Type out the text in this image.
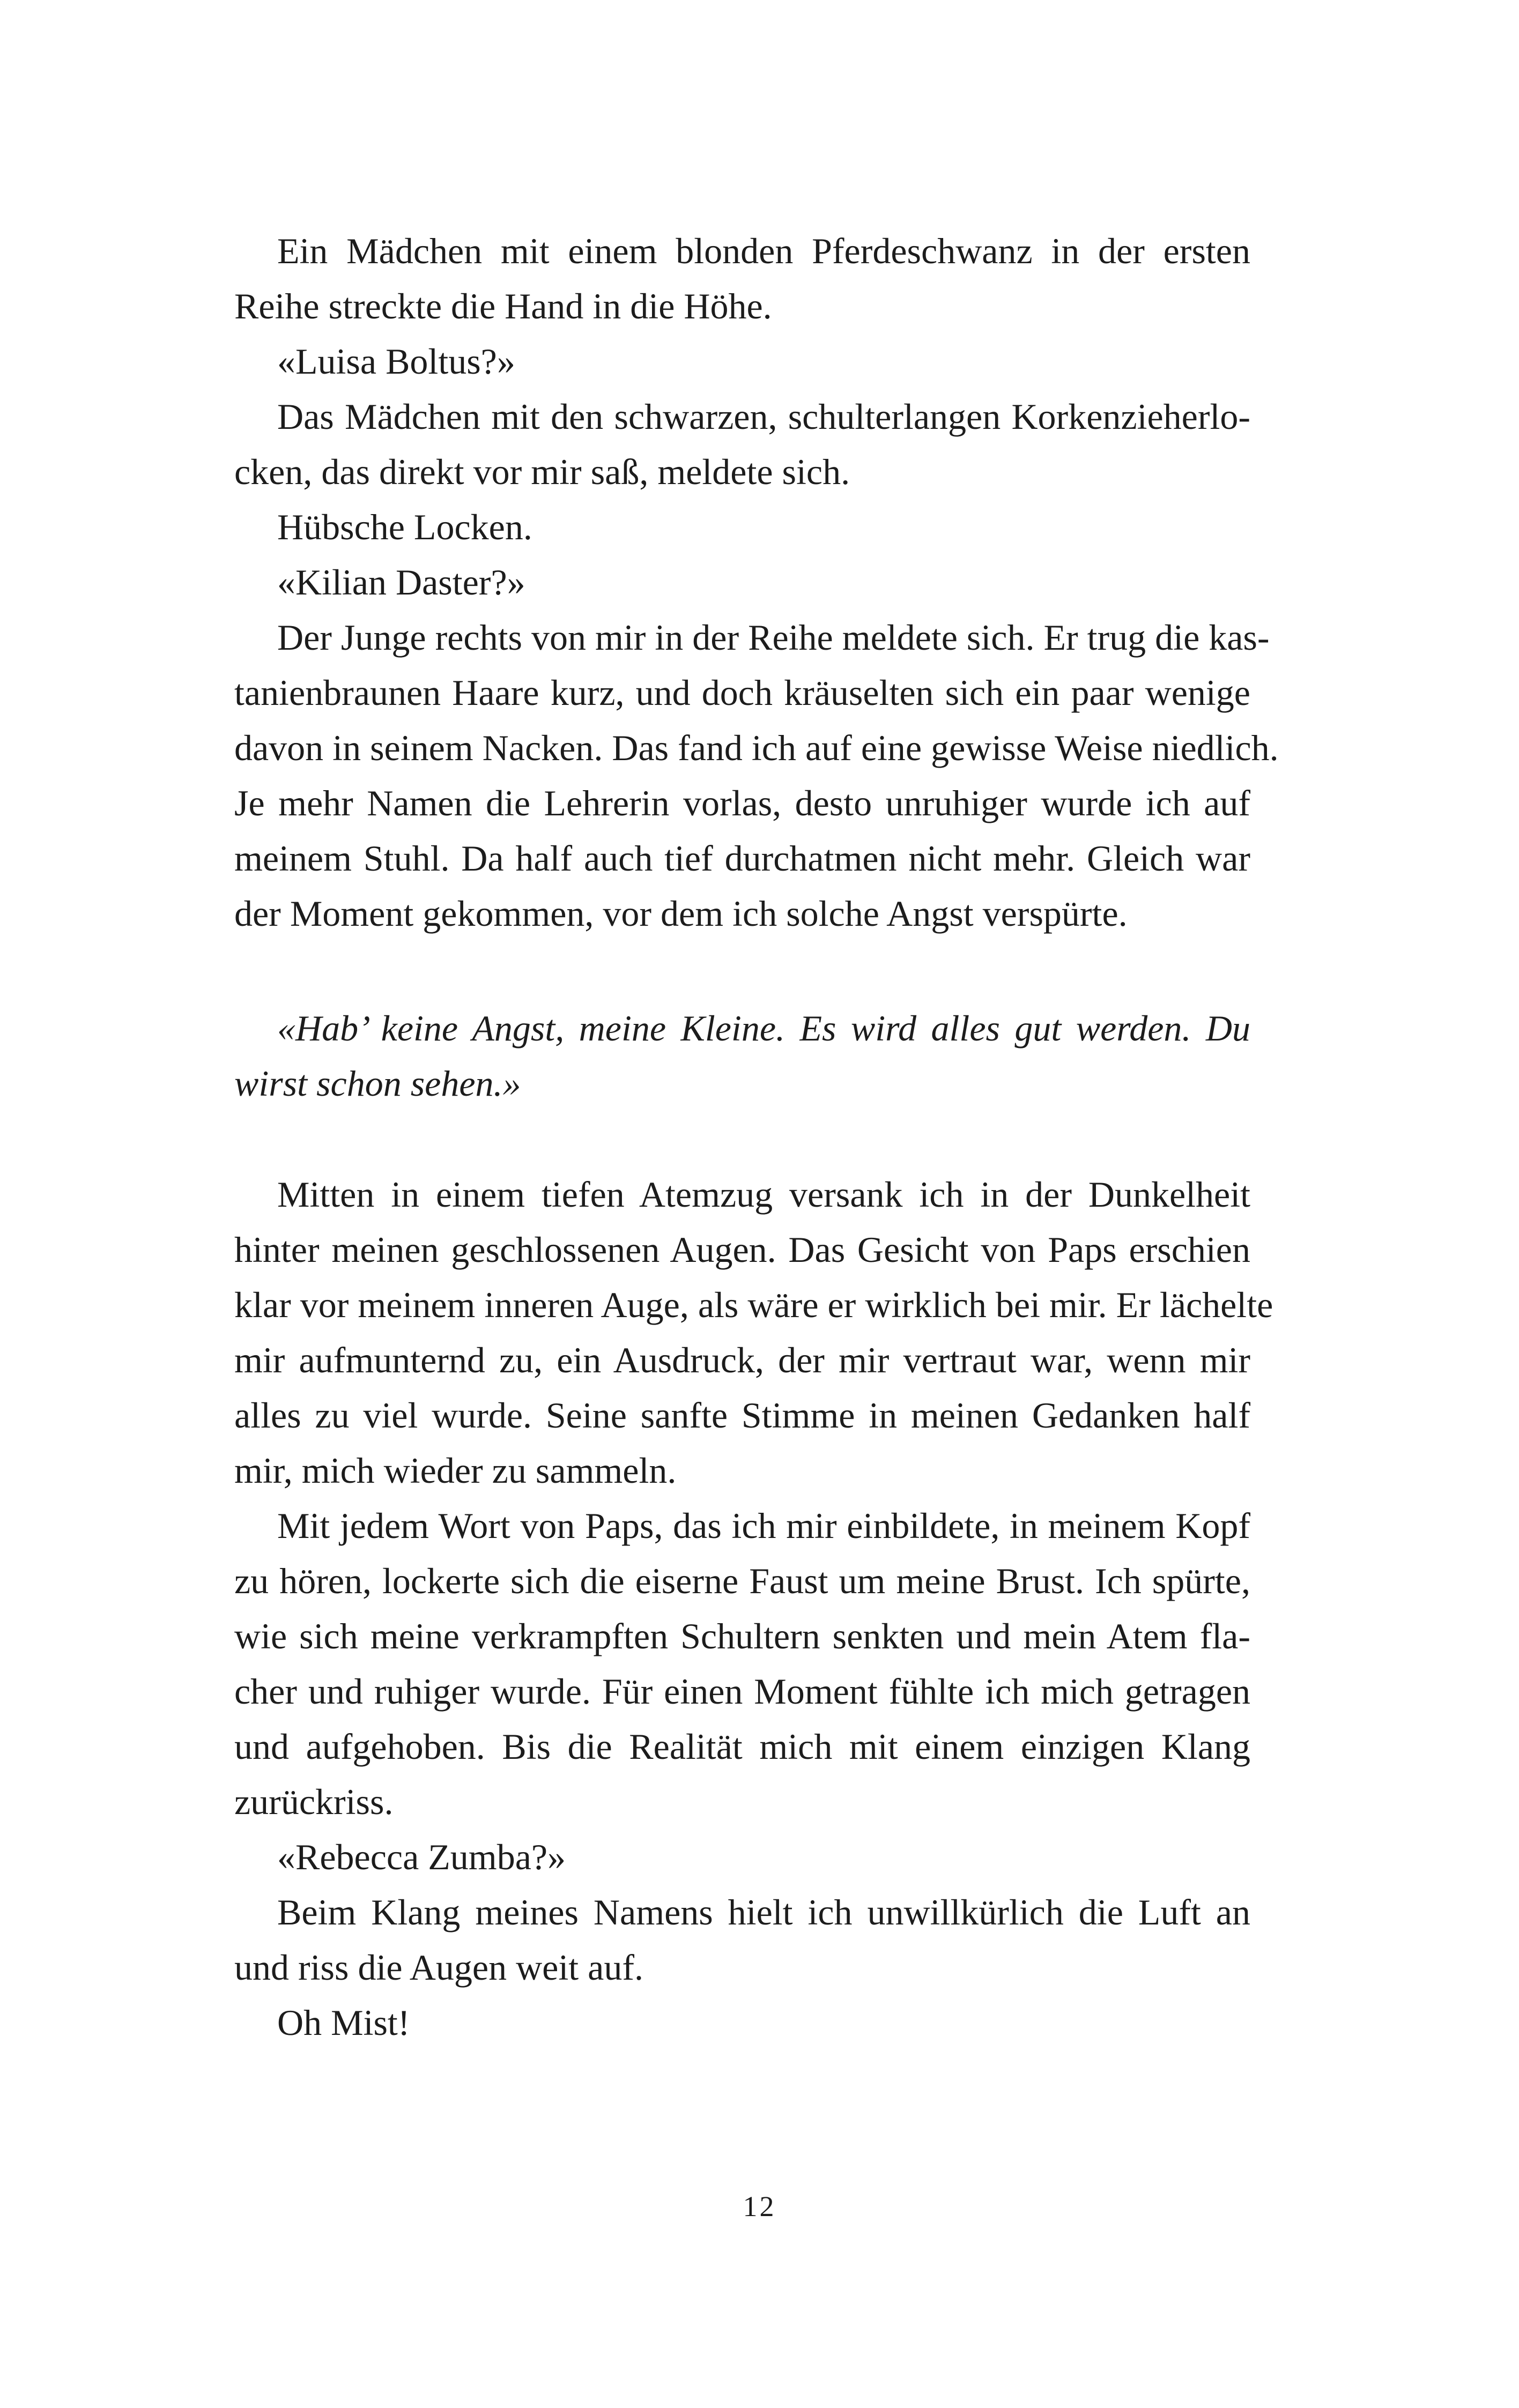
Ein Mädchen mit einem blonden Pferdeschwanz in der ersten
Reihe streckte die Hand in die Höhe.
«Luisa Boltus?»
Das Mädchen mit den schwarzen, schulterlangen Korkenzieherlo-
cken, das direkt vor mir saß, meldete sich.
Hübsche Locken.
«Kilian Daster?»
Der Junge rechts von mir in der Reihe meldete sich. Er trug die kas-
tanienbraunen Haare kurz, und doch kräuselten sich ein paar wenige
davon in seinem Nacken. Das fand ich auf eine gewisse Weise niedlich.
Je mehr Namen die Lehrerin vorlas, desto unruhiger wurde ich auf
meinem Stuhl. Da half auch tief durchatmen nicht mehr. Gleich war
der Moment gekommen, vor dem ich solche Angst verspürte.
«Hab’ keine Angst, meine Kleine. Es wird alles gut werden. Du
wirst schon sehen.»
Mitten in einem tiefen Atemzug versank ich in der Dunkelheit
hinter meinen geschlossenen Augen. Das Gesicht von Paps erschien
klar vor meinem inneren Auge, als wäre er wirklich bei mir. Er lächelte
mir aufmunternd zu, ein Ausdruck, der mir vertraut war, wenn mir
alles zu viel wurde. Seine sanfte Stimme in meinen Gedanken half
mir, mich wieder zu sammeln.
Mit jedem Wort von Paps, das ich mir einbildete, in meinem Kopf
zu hören, lockerte sich die eiserne Faust um meine Brust. Ich spürte,
wie sich meine verkrampften Schultern senkten und mein Atem fla-
cher und ruhiger wurde. Für einen Moment fühlte ich mich getragen
und aufgehoben. Bis die Realität mich mit einem einzigen Klang
zurückriss.
«Rebecca Zumba?»
Beim Klang meines Namens hielt ich unwillkürlich die Luft an
und riss die Augen weit auf.
Oh Mist!
12
